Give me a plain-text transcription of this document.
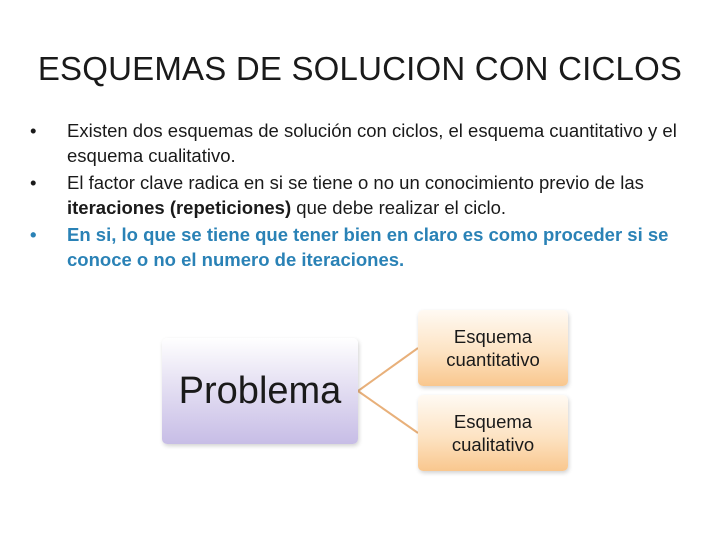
ESQUEMAS DE SOLUCION CON CICLOS
•	Existen dos esquemas de solución con ciclos, el esquema cuantitativo y el esquema cualitativo.
•	El factor clave radica en si se tiene o no un conocimiento previo de las iteraciones (repeticiones) que debe realizar el ciclo.
•	En si, lo que se tiene que tener bien en claro es como proceder si se conoce o no el numero de iteraciones.
Problema
Esquema
cuantitativo
Esquema
cualitativo
